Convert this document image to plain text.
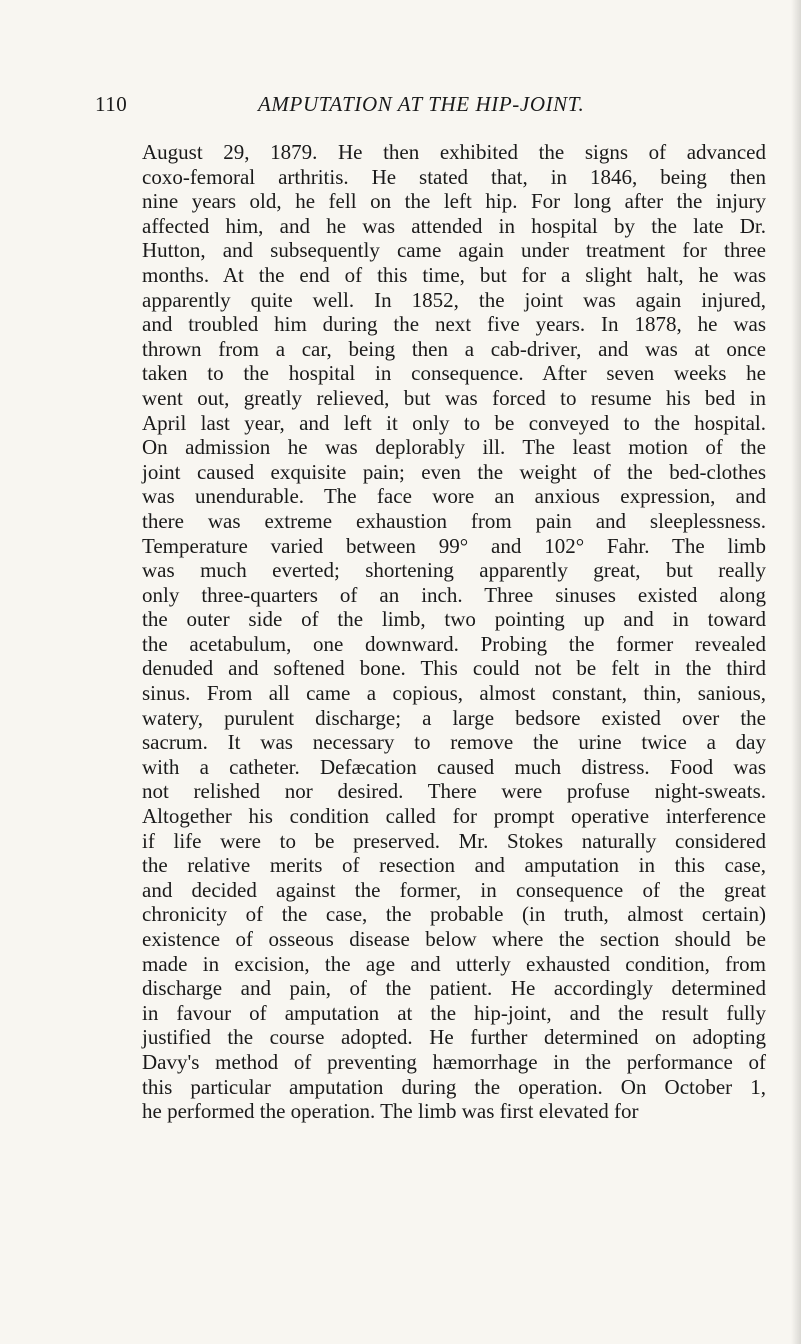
110	AMPUTATION AT THE HIP-JOINT.
August 29, 1879. He then exhibited the signs of advanced
coxo-femoral arthritis. He stated that, in 1846, being then
nine years old, he fell on the left hip. For long after the injury
affected him, and he was attended in hospital by the late Dr.
Hutton, and subsequently came again under treatment for three
months. At the end of this time, but for a slight halt, he was
apparently quite well. In 1852, the joint was again injured,
and troubled him during the next five years. In 1878, he was
thrown from a car, being then a cab-driver, and was at once
taken to the hospital in consequence. After seven weeks he
went out, greatly relieved, but was forced to resume his bed in
April last year, and left it only to be conveyed to the hospital.
On admission he was deplorably ill. The least motion of the
joint caused exquisite pain; even the weight of the bed-clothes
was unendurable. The face wore an anxious expression, and
there was extreme exhaustion from pain and sleeplessness.
Temperature varied between 99° and 102° Fahr. The limb
was much everted; shortening apparently great, but really
only three-quarters of an inch. Three sinuses existed along
the outer side of the limb, two pointing up and in toward
the acetabulum, one downward. Probing the former revealed
denuded and softened bone. This could not be felt in the third
sinus. From all came a copious, almost constant, thin, sanious,
watery, purulent discharge; a large bedsore existed over the
sacrum. It was necessary to remove the urine twice a day
with a catheter. Defæcation caused much distress. Food was
not relished nor desired. There were profuse night-sweats.
Altogether his condition called for prompt operative interference
if life were to be preserved. Mr. Stokes naturally considered
the relative merits of resection and amputation in this case,
and decided against the former, in consequence of the great
chronicity of the case, the probable (in truth, almost certain)
existence of osseous disease below where the section should be
made in excision, the age and utterly exhausted condition, from
discharge and pain, of the patient. He accordingly determined
in favour of amputation at the hip-joint, and the result fully
justified the course adopted. He further determined on adopting
Davy's method of preventing hæmorrhage in the performance of
this particular amputation during the operation. On October 1,
he performed the operation. The limb was first elevated for
